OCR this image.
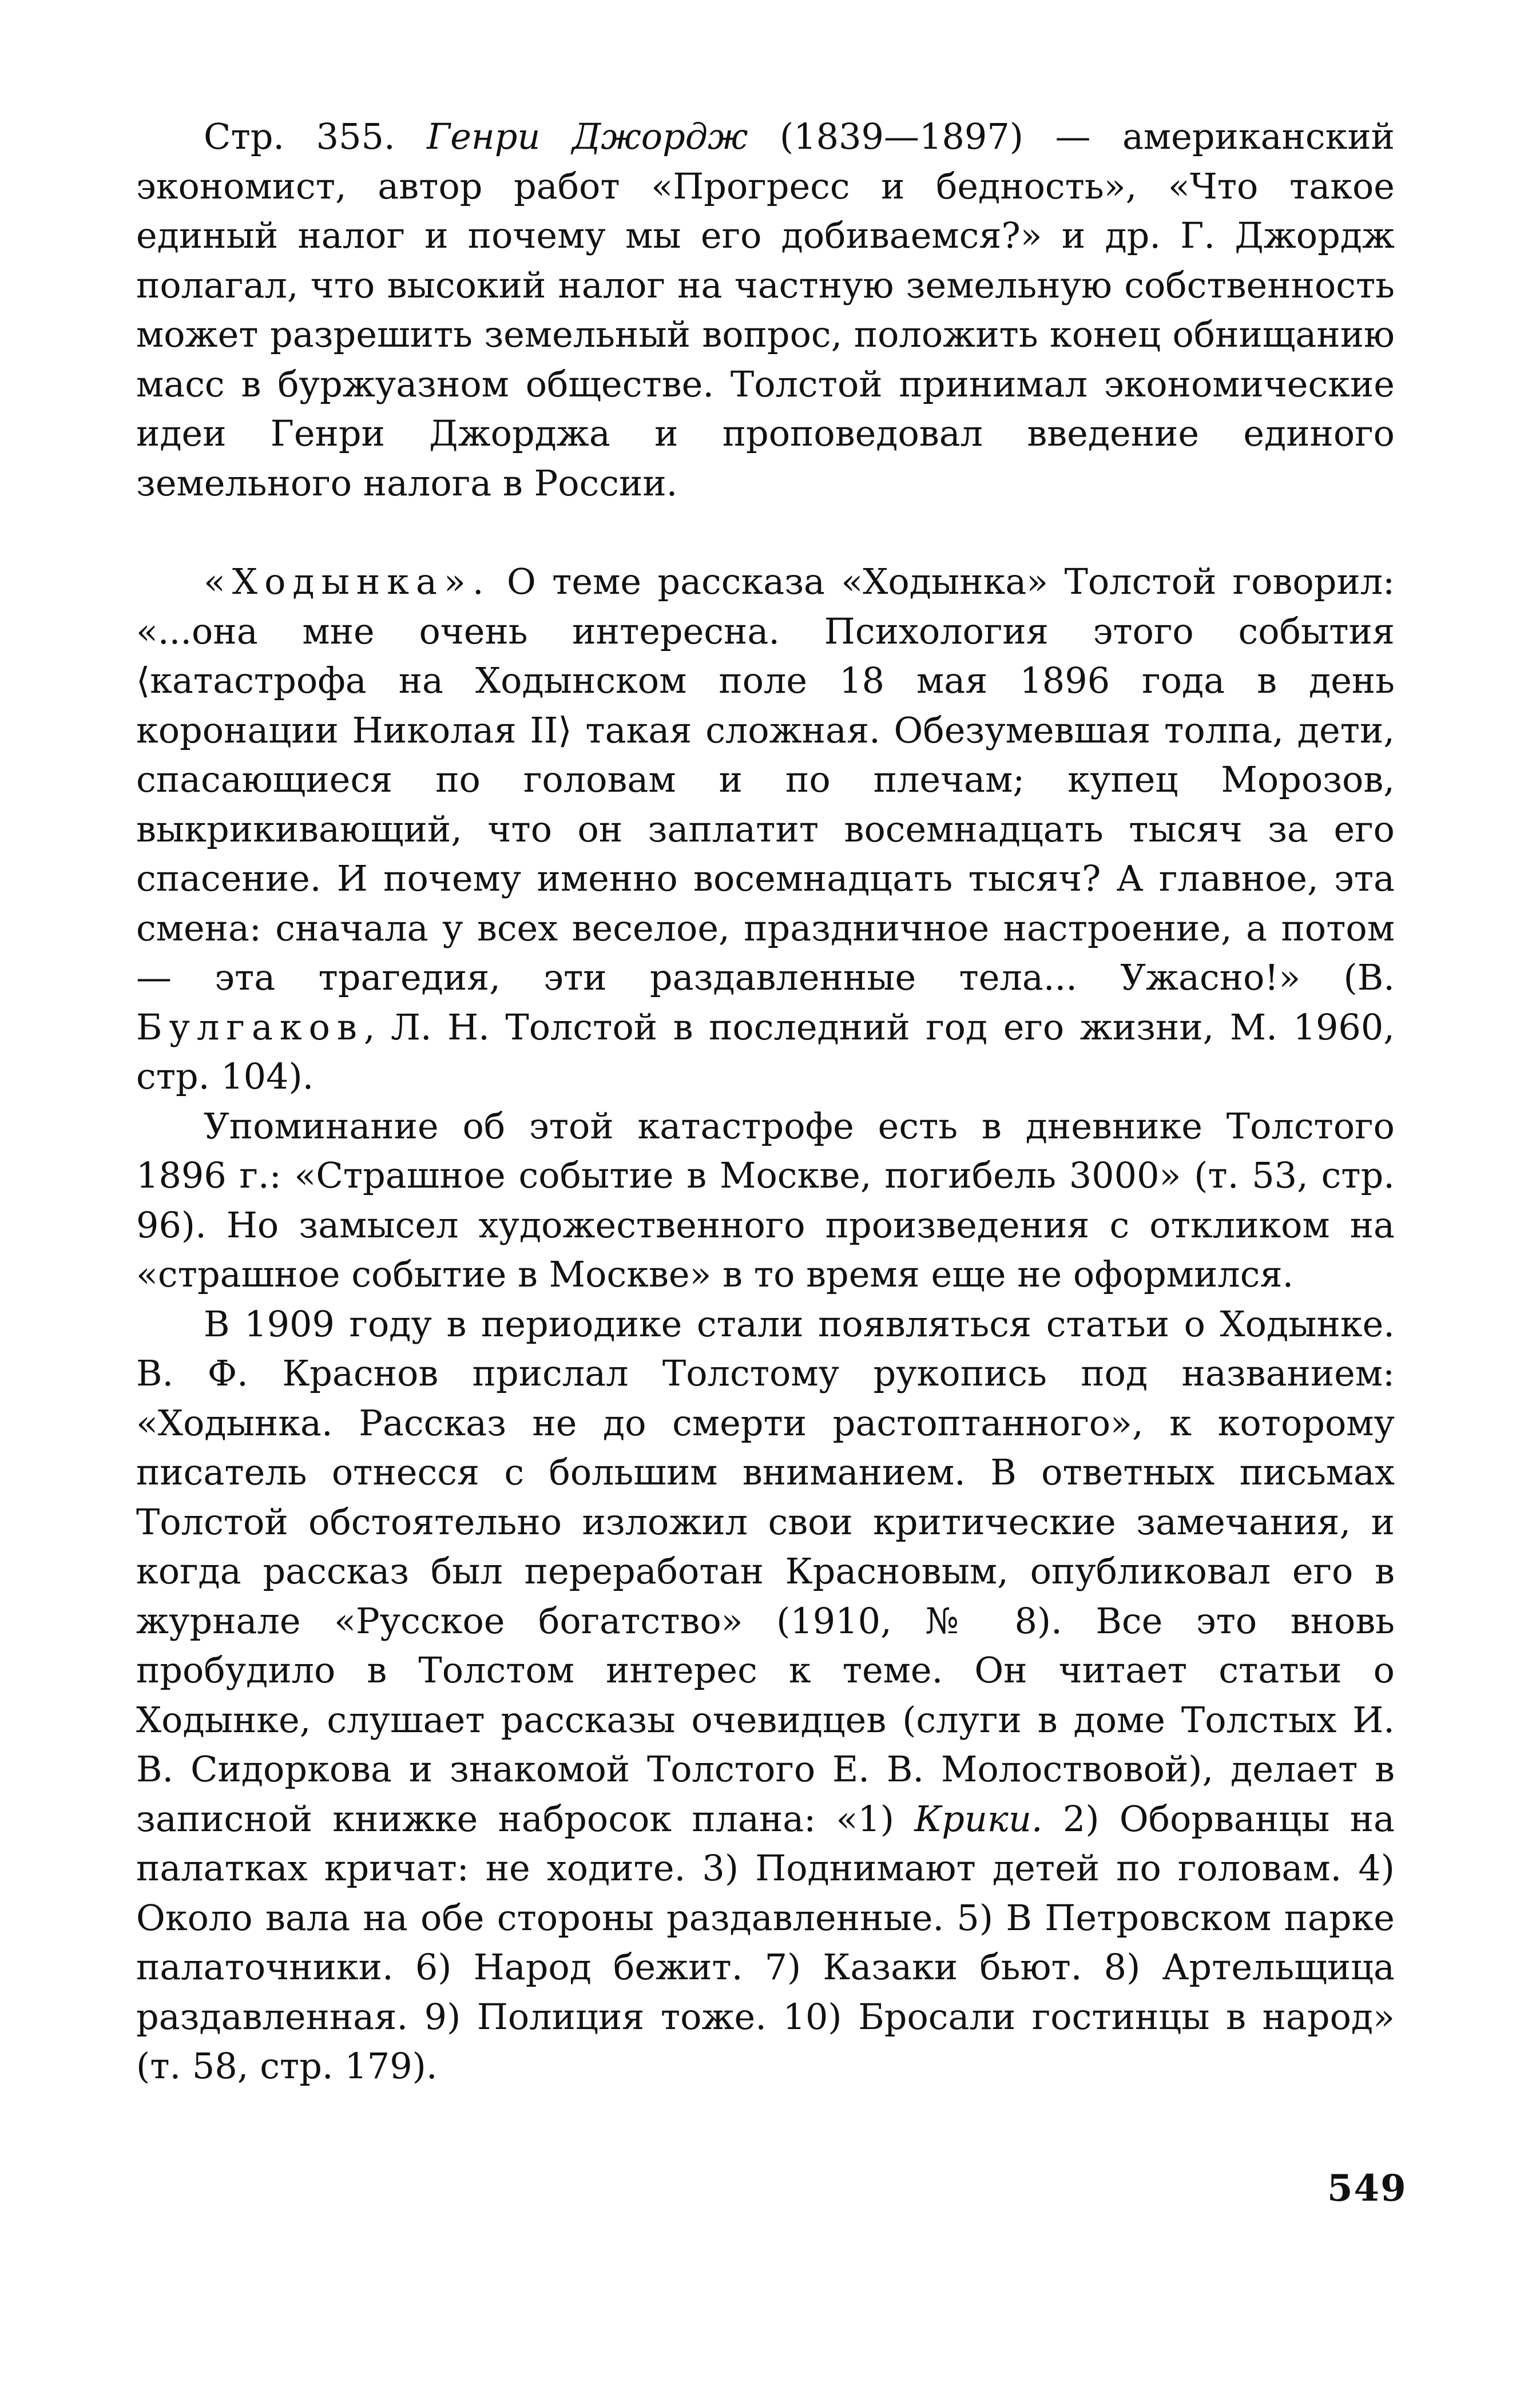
Стр. 355. Генри Джордж (1839—1897) — американский экономист, автор работ «Прогресс и бедность», «Что такое единый налог и почему мы его добиваемся?» и др. Г. Джордж полагал, что высокий налог на частную земельную собственность может разрешить земельный вопрос, положить конец обнищанию масс в буржуазном обществе. Толстой принимал экономические идеи Генри Джорджа и проповедовал введение единого земельного налога в России.

«Ходынка». О теме рассказа «Ходынка» Толстой говорил: «...она мне очень интересна. Психология этого события ⟨катастрофа на Ходынском поле 18 мая 1896 года в день коронации Николая II⟩ такая сложная. Обезумевшая толпа, дети, спасающиеся по головам и по плечам; купец Морозов, выкрикивающий, что он заплатит восемнадцать тысяч за его спасение. И почему именно восемнадцать тысяч? А главное, эта смена: сначала у всех веселое, праздничное настроение, а потом — эта трагедия, эти раздавленные тела... Ужасно!» (В. Булгаков, Л. Н. Толстой в последний год его жизни, М. 1960, стр. 104).

Упоминание об этой катастрофе есть в дневнике Толстого 1896 г.: «Страшное событие в Москве, погибель 3000» (т. 53, стр. 96). Но замысел художественного произведения с откликом на «страшное событие в Москве» в то время еще не оформился.

В 1909 году в периодике стали появляться статьи о Ходынке. В. Ф. Краснов прислал Толстому рукопись под названием: «Ходынка. Рассказ не до смерти растоптанного», к которому писатель отнесся с большим вниманием. В ответных письмах Толстой обстоятельно изложил свои критические замечания, и когда рассказ был переработан Красновым, опубликовал его в журнале «Русское богатство» (1910, № 8). Все это вновь пробудило в Толстом интерес к теме. Он читает статьи о Ходынке, слушает рассказы очевидцев (слуги в доме Толстых И. В. Сидоркова и знакомой Толстого Е. В. Молоствовой), делает в записной книжке набросок плана: «1) Крики. 2) Оборванцы на палатках кричат: не ходите. 3) Поднимают детей по головам. 4) Около вала на обе стороны раздавленные. 5) В Петровском парке палаточники. 6) Народ бежит. 7) Казаки бьют. 8) Артельщица раздавленная. 9) Полиция тоже. 10) Бросали гостинцы в народ» (т. 58, стр. 179).

549
